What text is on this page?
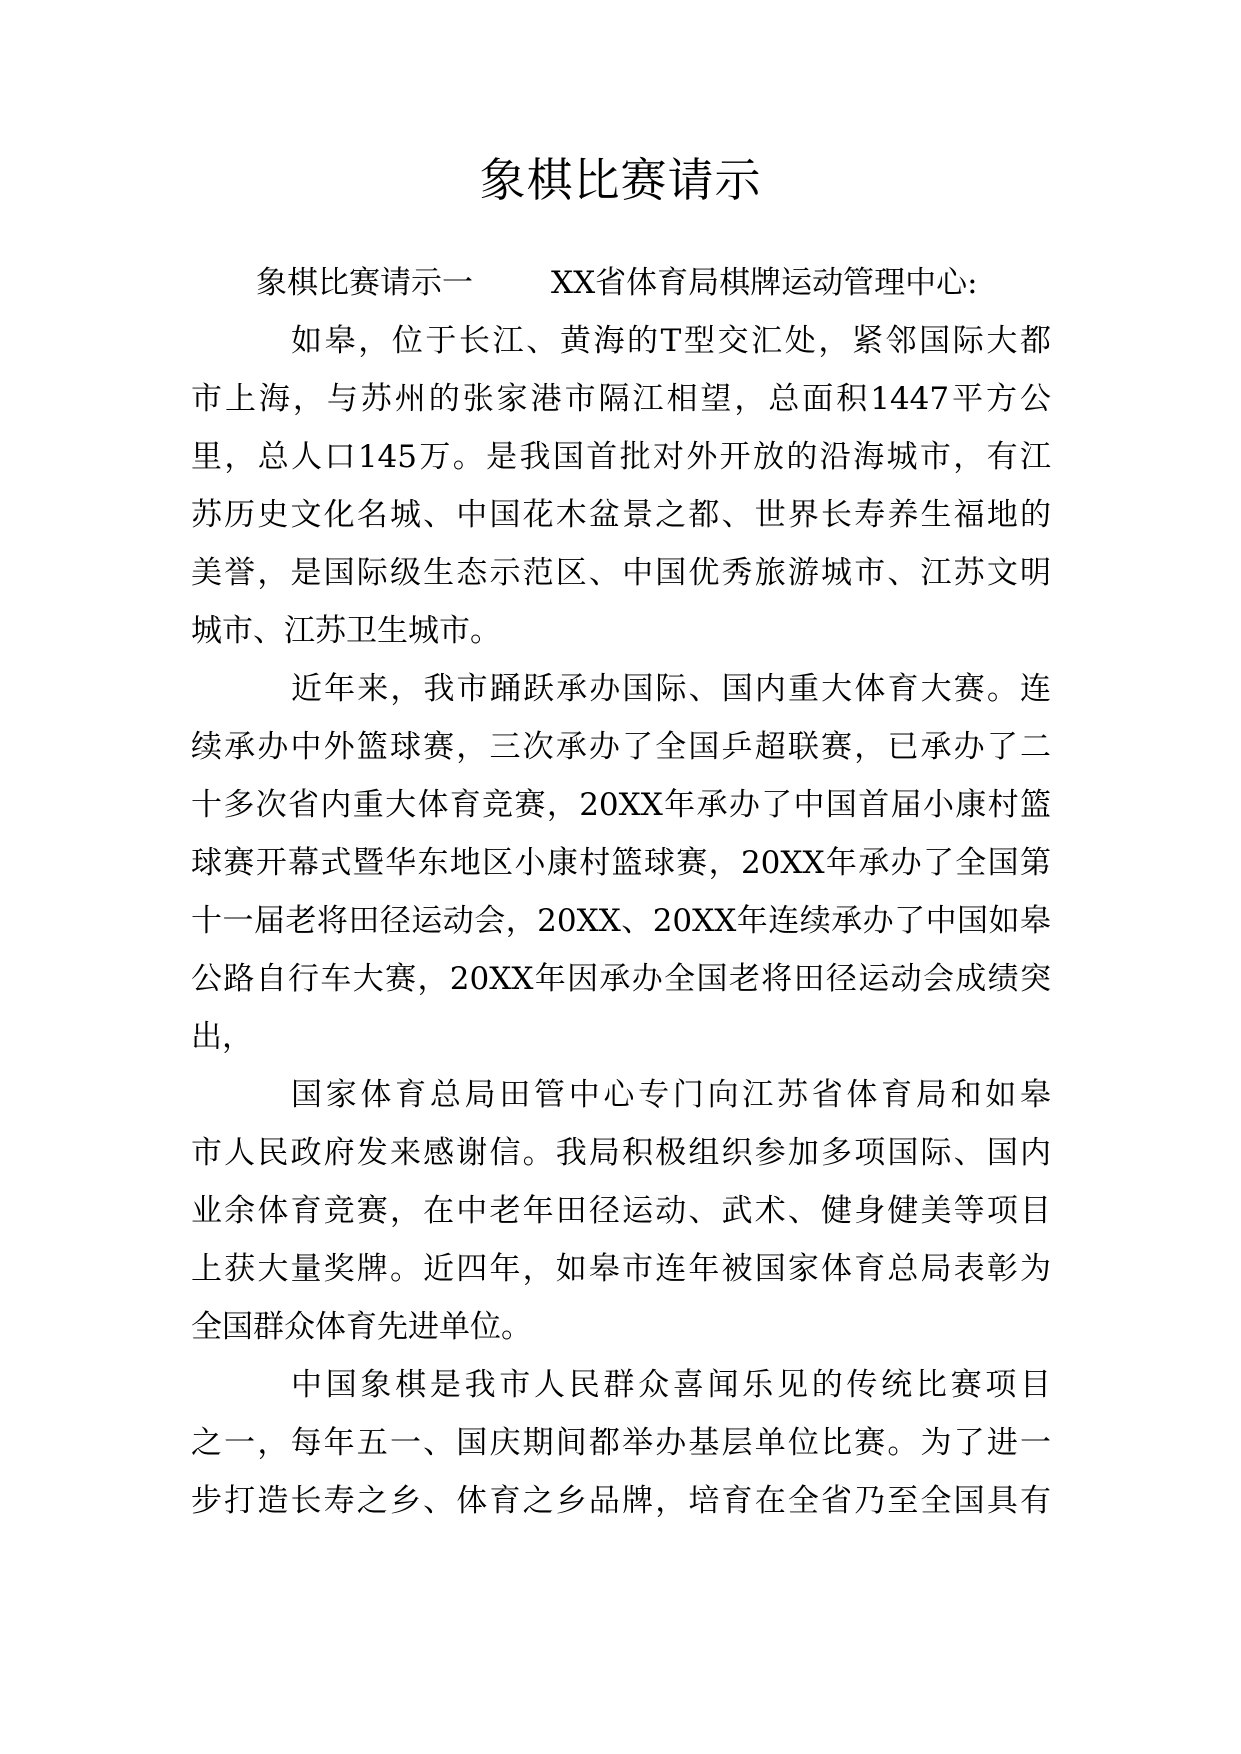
象棋比赛请示
象棋比赛请示一	XX省体育局棋牌运动管理中心:
如皋，位于长江、黄海的T型交汇处，紧邻国际大都
市上海，与苏州的张家港市隔江相望，总面积1447平方公
里，总人口145万。是我国首批对外开放的沿海城市，有江
苏历史文化名城、中国花木盆景之都、世界长寿养生福地的
美誉，是国际级生态示范区、中国优秀旅游城市、江苏文明
城市、江苏卫生城市。
近年来，我市踊跃承办国际、国内重大体育大赛。连
续承办中外篮球赛，三次承办了全国乒超联赛，已承办了二
十多次省内重大体育竞赛，20XX年承办了中国首届小康村篮
球赛开幕式暨华东地区小康村篮球赛，20XX年承办了全国第
十一届老将田径运动会，20XX、20XX年连续承办了中国如皋
公路自行车大赛，20XX年因承办全国老将田径运动会成绩突
出，
国家体育总局田管中心专门向江苏省体育局和如皋
市人民政府发来感谢信。我局积极组织参加多项国际、国内
业余体育竞赛，在中老年田径运动、武术、健身健美等项目
上获大量奖牌。近四年，如皋市连年被国家体育总局表彰为
全国群众体育先进单位。
中国象棋是我市人民群众喜闻乐见的传统比赛项目
之一，每年五一、国庆期间都举办基层单位比赛。为了进一
步打造长寿之乡、体育之乡品牌，培育在全省乃至全国具有
